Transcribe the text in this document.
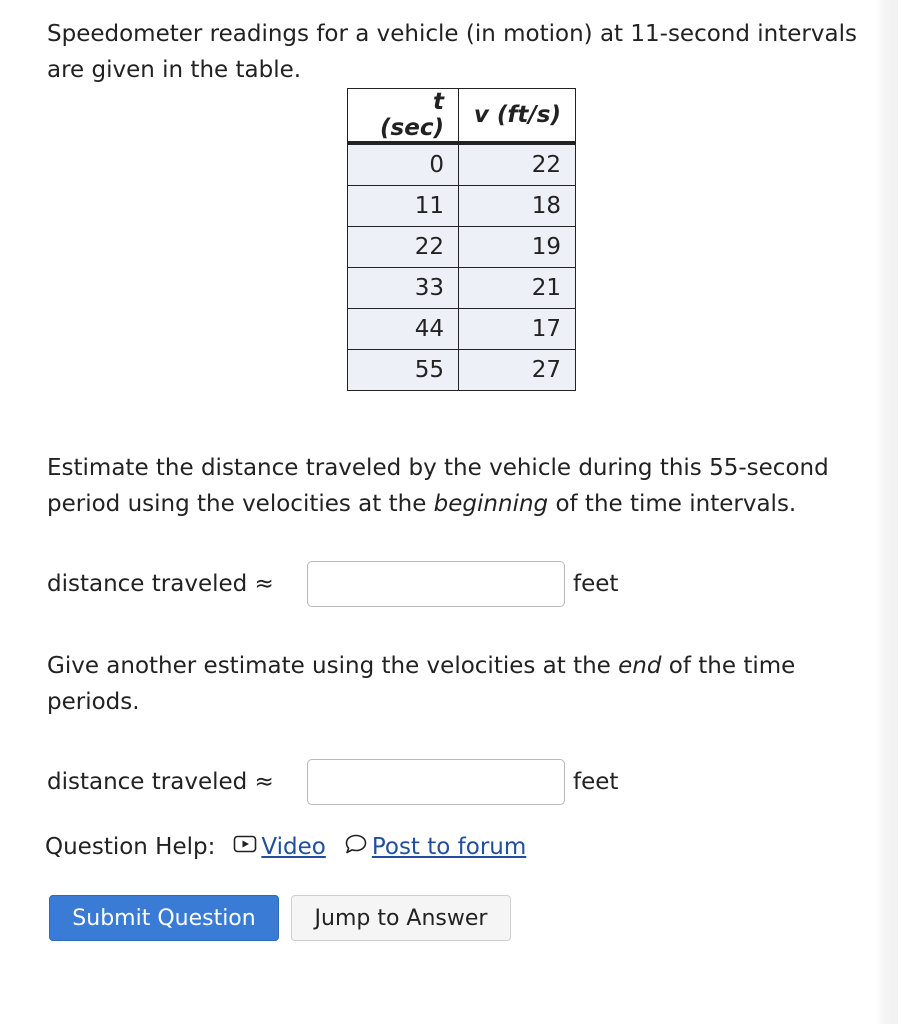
Speedometer readings for a vehicle (in motion) at 11-second intervals are given in the table.

t (sec)	v (ft/s)
0	22
11	18
22	19
33	21
44	17
55	27

Estimate the distance traveled by the vehicle during this 55-second period using the velocities at the beginning of the time intervals.

distance traveled ≈	feet

Give another estimate using the velocities at the end of the time periods.

distance traveled ≈	feet
Question Help: Video Post to forum
Submit Question	Jump to Answer
